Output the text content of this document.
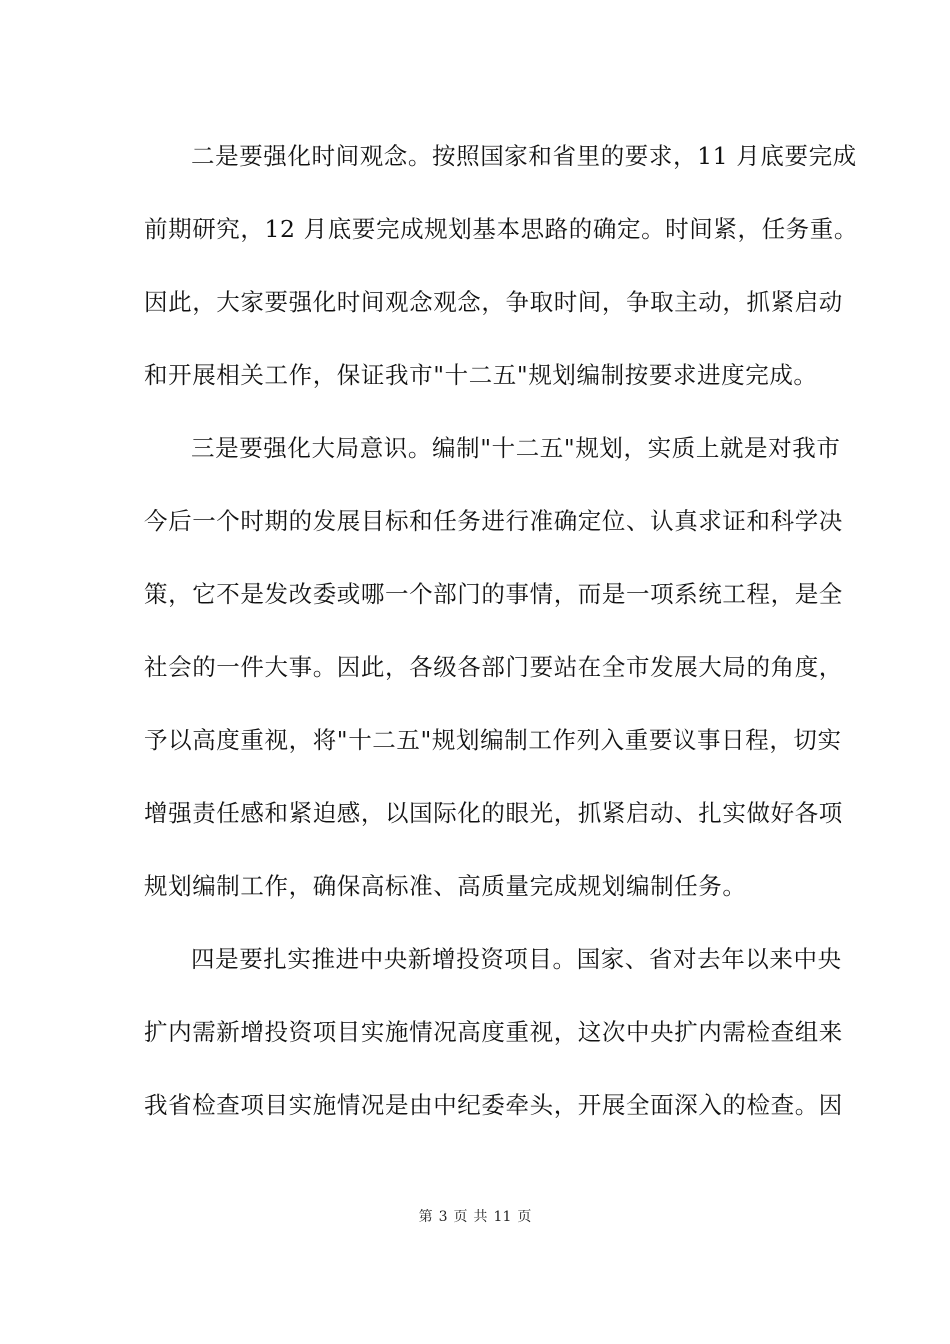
二是要强化时间观念。按照国家和省里的要求，11 月底要完成
前期研究，12 月底要完成规划基本思路的确定。时间紧，任务重。
因此，大家要强化时间观念观念，争取时间，争取主动，抓紧启动
和开展相关工作，保证我市"十二五"规划编制按要求进度完成。
三是要强化大局意识。编制"十二五"规划，实质上就是对我市
今后一个时期的发展目标和任务进行准确定位、认真求证和科学决
策，它不是发改委或哪一个部门的事情，而是一项系统工程，是全
社会的一件大事。因此，各级各部门要站在全市发展大局的角度，
予以高度重视，将"十二五"规划编制工作列入重要议事日程，切实
增强责任感和紧迫感，以国际化的眼光，抓紧启动、扎实做好各项
规划编制工作，确保高标准、高质量完成规划编制任务。
四是要扎实推进中央新增投资项目。国家、省对去年以来中央
扩内需新增投资项目实施情况高度重视，这次中央扩内需检查组来
我省检查项目实施情况是由中纪委牵头，开展全面深入的检查。因
第 3 页 共 11 页
